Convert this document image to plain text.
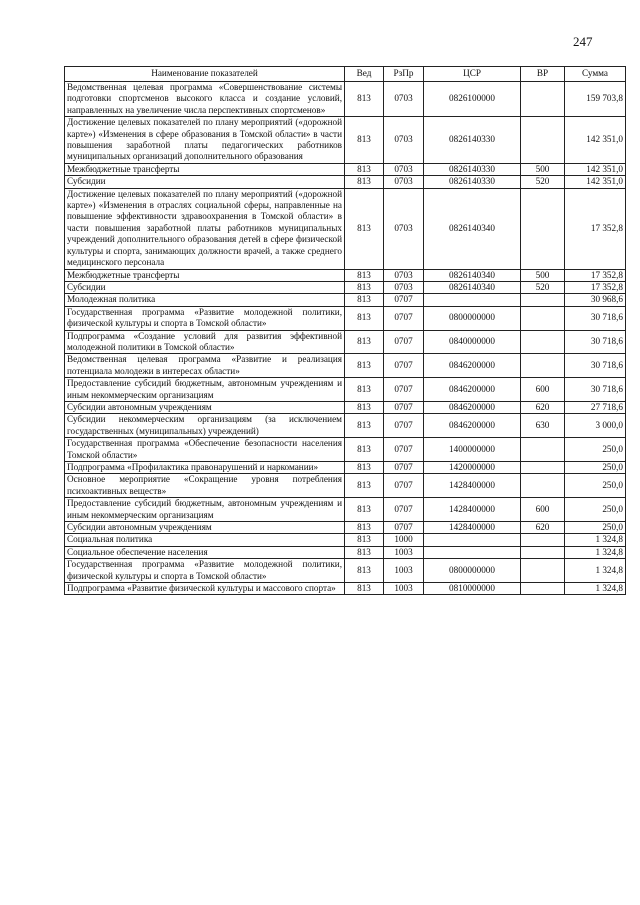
247
Наименование показателей	Вед	РзПр	ЦСР	ВР	Сумма
Ведомственная целевая программа «Совершенствование системы подготовки спортсменов высокого класса и создание условий, направленных на увеличение числа перспективных спортсменов»	813	0703	0826100000		159 703,8
Достижение целевых показателей по плану мероприятий («дорожной карте») «Изменения в сфере образования в Томской области» в части повышения заработной платы педагогических работников муниципальных организаций дополнительного образования	813	0703	0826140330		142 351,0
Межбюджетные трансферты	813	0703	0826140330	500	142 351,0
Субсидии	813	0703	0826140330	520	142 351,0
Достижение целевых показателей по плану мероприятий («дорожной карте») «Изменения в отраслях социальной сферы, направленные на повышение эффективности здравоохранения в Томской области» в части повышения заработной платы работников муниципальных учреждений дополнительного образования детей в сфере физической культуры и спорта, занимающих должности врачей, а также среднего медицинского персонала	813	0703	0826140340		17 352,8
Межбюджетные трансферты	813	0703	0826140340	500	17 352,8
Субсидии	813	0703	0826140340	520	17 352,8
Молодежная политика	813	0707			30 968,6
Государственная программа «Развитие молодежной политики, физической культуры и спорта в Томской области»	813	0707	0800000000		30 718,6
Подпрограмма «Создание условий для развития эффективной молодежной политики в Томской области»	813	0707	0840000000		30 718,6
Ведомственная целевая программа «Развитие и реализация потенциала молодежи в интересах области»	813	0707	0846200000		30 718,6
Предоставление субсидий бюджетным, автономным учреждениям и иным некоммерческим организациям	813	0707	0846200000	600	30 718,6
Субсидии автономным учреждениям	813	0707	0846200000	620	27 718,6
Субсидии некоммерческим организациям (за исключением государственных (муниципальных) учреждений)	813	0707	0846200000	630	3 000,0
Государственная программа «Обеспечение безопасности населения Томской области»	813	0707	1400000000		250,0
Подпрограмма «Профилактика правонарушений и наркомании»	813	0707	1420000000		250,0
Основное мероприятие «Сокращение уровня потребления психоактивных веществ»	813	0707	1428400000		250,0
Предоставление субсидий бюджетным, автономным учреждениям и иным некоммерческим организациям	813	0707	1428400000	600	250,0
Субсидии автономным учреждениям	813	0707	1428400000	620	250,0
Социальная политика	813	1000			1 324,8
Социальное обеспечение населения	813	1003			1 324,8
Государственная программа «Развитие молодежной политики, физической культуры и спорта в Томской области»	813	1003	0800000000		1 324,8
Подпрограмма «Развитие физической культуры и массового спорта»	813	1003	0810000000		1 324,8
